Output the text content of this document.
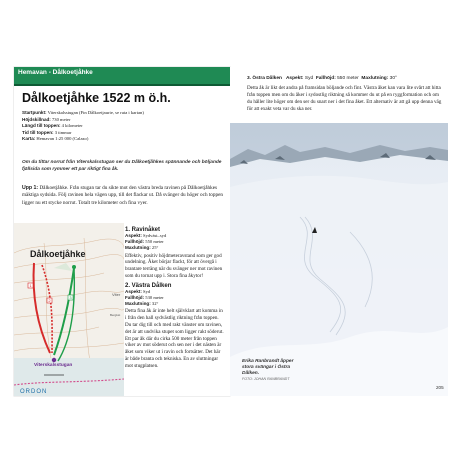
Hemavan - Dålkoetjåhke
Dålkoetjåhke 1522 m ö.h.
Startpunkt: Viterskalsstugan (Fin Dålkoetjaurie, se ruta i kartan)
Höjdskillnad: 730 meter
Längd till toppen: 4 kilometer
Tid till toppen: 3 timmar
Karta: Hemavan 1:25 000 (Calazo)
Om du tittar norrut från Viterskalsstugan ser du Dålkoetjåhkes spännande och böljande fjällsida som rymmer ett par riktigt fina åk.
Upp 1: Dålkoetjåhke. Från stugan tar du sikte mot den västra breda ravinen på Dålkoetjåhkes mäktiga sydsida. Följ ravinen hela vägen upp, till det flackar ut. Då svänger du höger och toppen ligger nu ett stycke norrut. Totalt tre kilometer och fina vyer.
Dålkoetjåhke
Viterskalsstugan
Viter
Bergkst
ORDON
1
2
3
1. Ravinåket
Aspekt: Sydväst–syd
Fallhöjd: 550 meter
Maxlutning: 25°
Effektiv, positiv höjdmeteravstand som ger god undelning. Åket börjar flackt, för att övergå i brantare terräng när du svänger ner mot ravinen som du tornat upp i. Stora fina åkytor!
2. Västra Dålken
Aspekt: Syd
Fallhöjd: 530 meter
Maxlutning: 32°
Detta fina åk är inte helt självklart att komma in i från den hall sydvästlig riktning från toppen. Du tar dig till och med rakt vänster om ravinen, det är att undvika stupet som ligger rakt söderut. Ett par åk där du cirka 500 meter från toppen viker av mot söderut och sen ner i det nästen är åket som viker ut i ravin och fortsätter. Det här är både branta och tekniska. En av sluttningar mot stugplatsen.
3. Östra Dålken Aspekt: Syd Fallhöjd: 550 meter Maxlutning: 30°
Detta åk är likt det andra på framsidan böljande och fint. Västra åket kan vara lite svårt att hitta från toppen men om du åker i sydostlig riktning så kommer du ut på en ryggformation och om du håller lite höger om den ser du snart ner i det fina åket. Ett alternativ är att gå upp denna väg för att exakt veta var du ska ner.
Erika Ranbrandt åpper stora svängar i Östra Dålken.
FOTO: JOHAN RANBRANDT
205
